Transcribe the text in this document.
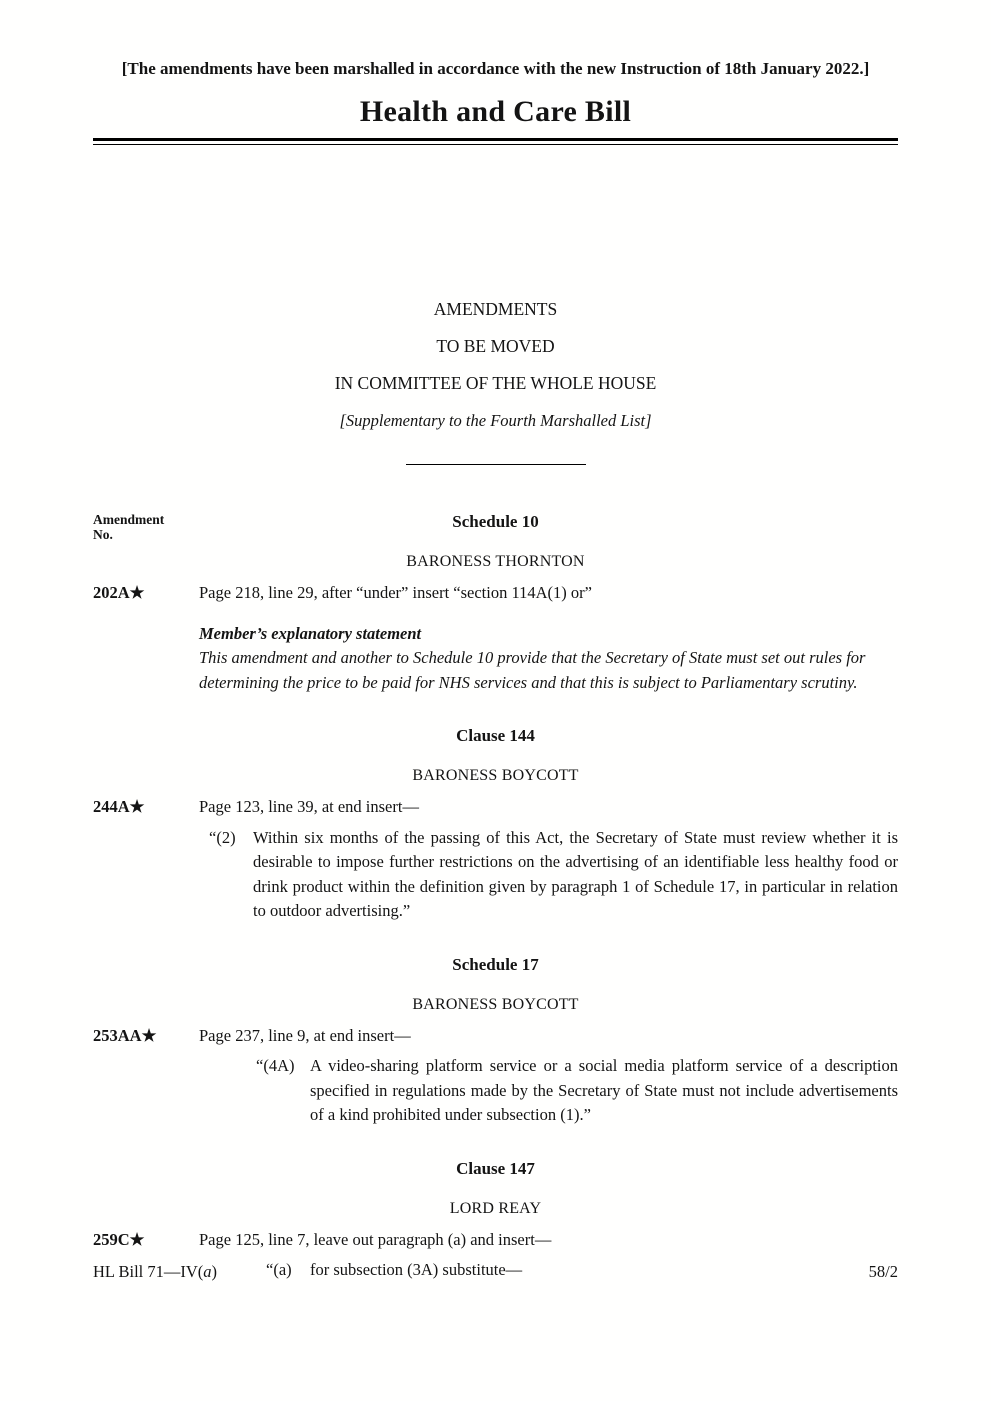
[The amendments have been marshalled in accordance with the new Instruction of 18th January 2022.]
Health and Care Bill
AMENDMENTS
TO BE MOVED
IN COMMITTEE OF THE WHOLE HOUSE
[Supplementary to the Fourth Marshalled List]
Amendment
No.
Schedule 10
BARONESS THORNTON
202A★	Page 218, line 29, after “under” insert “section 114A(1) or”

Member’s explanatory statement

This amendment and another to Schedule 10 provide that the Secretary of State must set out rules for determining the price to be paid for NHS services and that this is subject to Parliamentary scrutiny.

Clause 144
BARONESS BOYCOTT
244A★	Page 123, line 39, at end insert—

“(2) Within six months of the passing of this Act, the Secretary of State must review whether it is desirable to impose further restrictions on the advertising of an identifiable less healthy food or drink product within the definition given by paragraph 1 of Schedule 17, in particular in relation to outdoor advertising.”

Schedule 17
BARONESS BOYCOTT
253AA★	Page 237, line 9, at end insert—

“(4A) A video-sharing platform service or a social media platform service of a description specified in regulations made by the Secretary of State must not include advertisements of a kind prohibited under subsection (1).”

Clause 147
LORD REAY
259C★	Page 125, line 7, leave out paragraph (a) and insert—

“(a) for subsection (3A) substitute—

HL Bill 71—IV(a)	58/2
